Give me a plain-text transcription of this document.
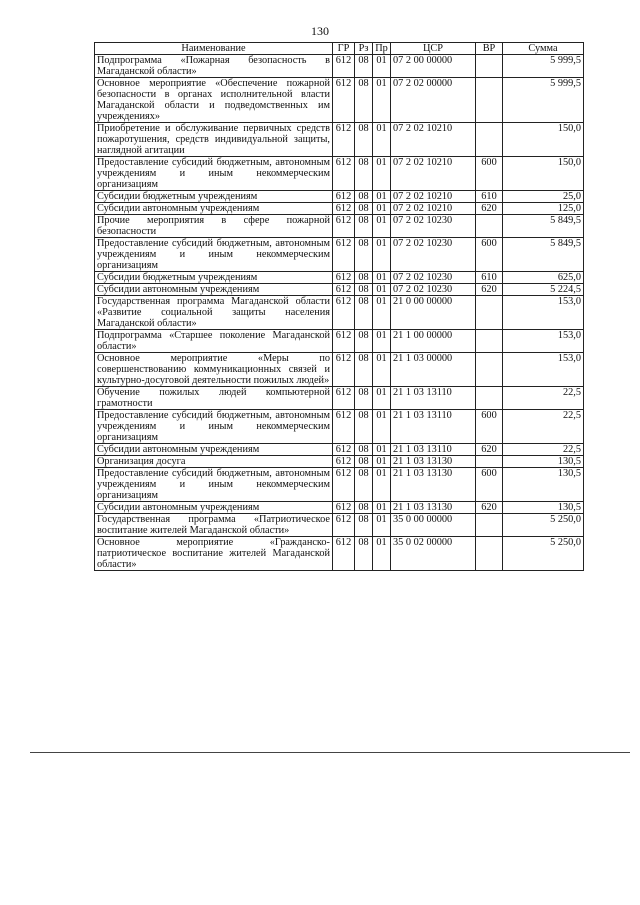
130
Наименование	ГР	Рз	Пр	ЦСР	ВР	Сумма
Подпрограмма «Пожарная безопасность в Магаданской области»	612	08	01	07 2 00 00000		5 999,5
Основное мероприятие «Обеспечение пожарной безопасности в органах исполнительной власти Магаданской области и подведомственных им учреждениях»	612	08	01	07 2 02 00000		5 999,5
Приобретение и обслуживание первичных средств пожаротушения, средств индивидуальной защиты, наглядной агитации	612	08	01	07 2 02 10210		150,0
Предоставление субсидий бюджетным, автономным учреждениям и иным некоммерческим организациям	612	08	01	07 2 02 10210	600	150,0
Субсидии бюджетным учреждениям	612	08	01	07 2 02 10210	610	25,0
Субсидии автономным учреждениям	612	08	01	07 2 02 10210	620	125,0
Прочие мероприятия в сфере пожарной безопасности	612	08	01	07 2 02 10230		5 849,5
Предоставление субсидий бюджетным, автономным учреждениям и иным некоммерческим организациям	612	08	01	07 2 02 10230	600	5 849,5
Субсидии бюджетным учреждениям	612	08	01	07 2 02 10230	610	625,0
Субсидии автономным учреждениям	612	08	01	07 2 02 10230	620	5 224,5
Государственная программа Магаданской области «Развитие социальной защиты населения Магаданской области»	612	08	01	21 0 00 00000		153,0
Подпрограмма «Старшее поколение Магаданской области»	612	08	01	21 1 00 00000		153,0
Основное мероприятие «Меры по совершенствованию коммуникационных связей и культурно-досуговой деятельности пожилых людей»	612	08	01	21 1 03 00000		153,0
Обучение пожилых людей компьютерной грамотности	612	08	01	21 1 03 13110		22,5
Предоставление субсидий бюджетным, автономным учреждениям и иным некоммерческим организациям	612	08	01	21 1 03 13110	600	22,5
Субсидии автономным учреждениям	612	08	01	21 1 03 13110	620	22,5
Организация досуга	612	08	01	21 1 03 13130		130,5
Предоставление субсидий бюджетным, автономным учреждениям и иным некоммерческим организациям	612	08	01	21 1 03 13130	600	130,5
Субсидии автономным учреждениям	612	08	01	21 1 03 13130	620	130,5
Государственная программа «Патриотическое воспитание жителей Магаданской области»	612	08	01	35 0 00 00000		5 250,0
Основное мероприятие «Гражданско-патриотическое воспитание жителей Магаданской области»	612	08	01	35 0 02 00000		5 250,0
